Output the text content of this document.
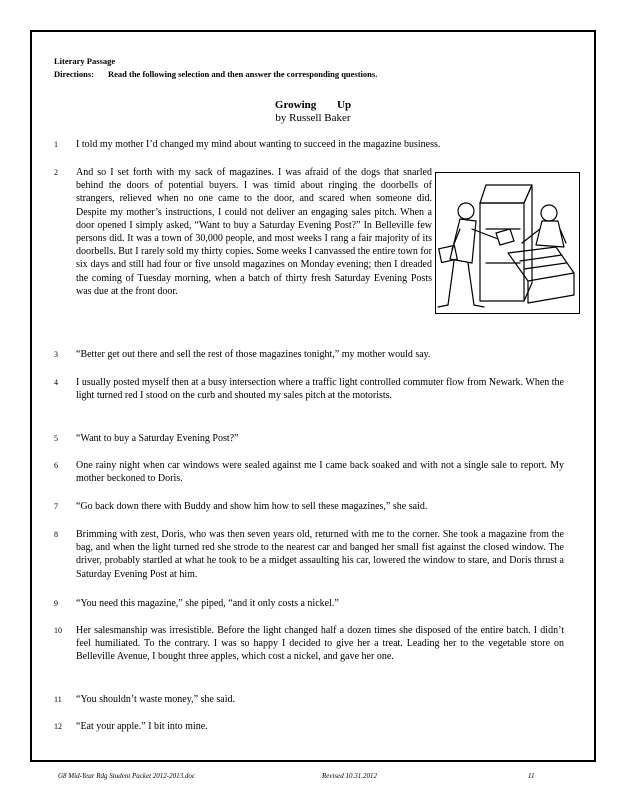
Literary Passage
Directions: Read the following selection and then answer the corresponding questions.
Growing Up
by Russell Baker
1 I told my mother I’d changed my mind about wanting to succeed in the magazine business.
2 And so I set forth with my sack of magazines. I was afraid of the dogs that snarled behind the doors of potential buyers. I was timid about ringing the doorbells of strangers, relieved when no one came to the door, and scared when someone did. Despite my mother’s instructions, I could not deliver an engaging sales pitch. When a door opened I simply asked, “Want to buy a Saturday Evening Post?” In Belleville few persons did. It was a town of 30,000 people, and most weeks I rang a fair majority of its doorbells. But I rarely sold my thirty copies. Some weeks I canvassed the entire town for six days and still had four or five unsold magazines on Monday evening; then I dreaded the coming of Tuesday morning, when a batch of thirty fresh Saturday Evening Posts was due at the front door.
3 “Better get out there and sell the rest of those magazines tonight,” my mother would say.
4 I usually posted myself then at a busy intersection where a traffic light controlled commuter flow from Newark. When the light turned red I stood on the curb and shouted my sales pitch at the motorists.
5 “Want to buy a Saturday Evening Post?”
6 One rainy night when car windows were sealed against me I came back soaked and with not a single sale to report. My mother beckoned to Doris.
7 “Go back down there with Buddy and show him how to sell these magazines,” she said.
8 Brimming with zest, Doris, who was then seven years old, returned with me to the corner. She took a magazine from the bag, and when the light turned red she strode to the nearest car and banged her small fist against the closed window. The driver, probably startled at what he took to be a midget assaulting his car, lowered the window to stare, and Doris thrust a Saturday Evening Post at him.
9 “You need this magazine,” she piped, “and it only costs a nickel.”
10 Her salesmanship was irresistible. Before the light changed half a dozen times she disposed of the entire batch. I didn’t feel humiliated. To the contrary. I was so happy I decided to give her a treat. Leading her to the vegetable store on Belleville Avenue, I bought three apples, which cost a nickel, and gave her one.
11 “You shouldn’t waste money,” she said.
12 “Eat your apple.” I bit into mine.
G8 Mid-Year Rdg Student Packet 2012-2013.doc	Revised 10.31.2012	11
